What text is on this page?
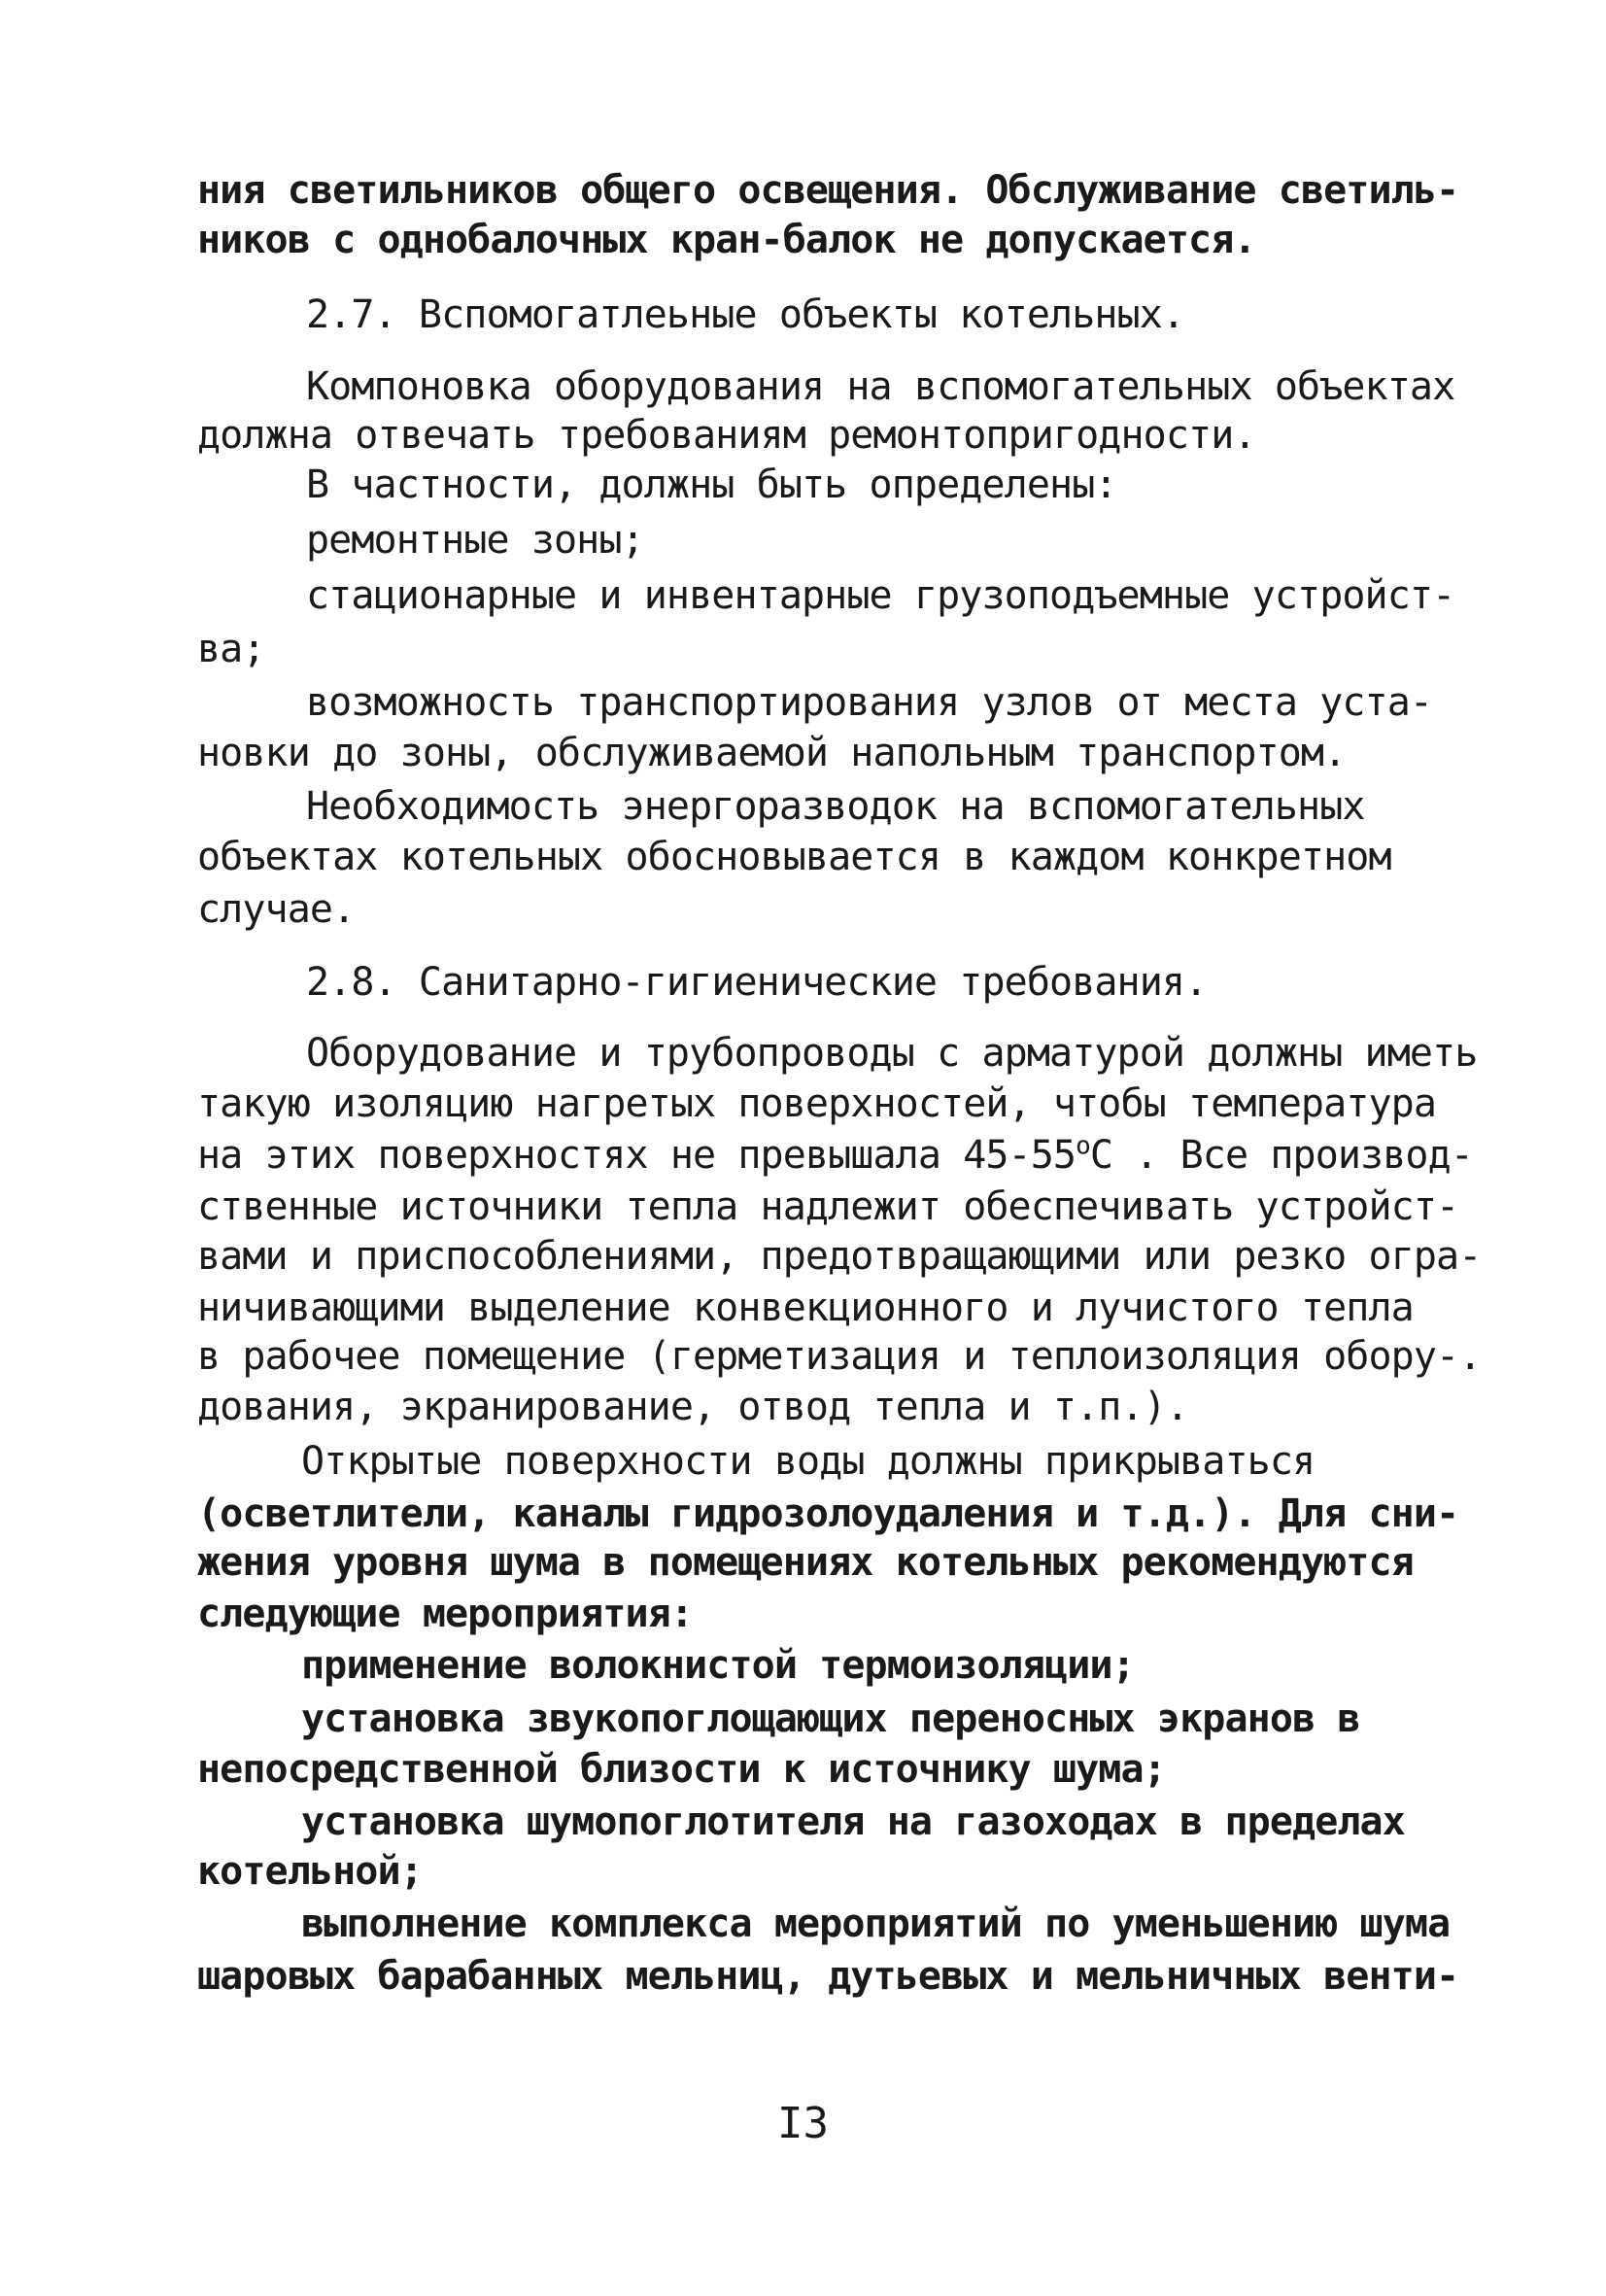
ния светильников общего освещения. Обслуживание светиль-
ников с однобалочных кран-балок не допускается.
2.7. Вспомогатлеьные объекты котельных.
Компоновка оборудования на вспомогательных объектах
должна отвечать требованиям ремонтопригодности.
В частности, должны быть определены:
ремонтные зоны;
стационарные и инвентарные грузоподъемные устройст-
ва;
возможность транспортирования узлов от места уста-
новки до зоны, обслуживаемой напольным транспортом.
Необходимость энергоразводок на вспомогательных
объектах котельных обосновывается в каждом конкретном
случае.
2.8. Санитарно-гигиенические требования.
Оборудование и трубопроводы с арматурой должны иметь
такую изоляцию нагретых поверхностей, чтобы температура
на этих поверхностях не превышала $45-55^оС$ . Все производ-
ственные источники тепла надлежит обеспечивать устройст-
вами и приспособлениями, предотвращающими или резко огра-
ничивающими выделение конвекционного и лучистого тепла
в рабочее помещение (герметизация и теплоизоляция обору-.
дования, экранирование, отвод тепла и т.п.).
Открытые поверхности воды должны прикрываться
(осветлители, каналы гидрозолоудаления и т.д.). Для сни-
жения уровня шума в помещениях котельных рекомендуются
следующие мероприятия:
применение волокнистой термоизоляции;
установка звукопоглощающих переносных экранов в
непосредственной близости к источнику шума;
установка шумопоглотителя на газоходах в пределах
котельной;
выполнение комплекса мероприятий по уменьшению шума
шаровых барабанных мельниц, дутьевых и мельничных венти-
I3
